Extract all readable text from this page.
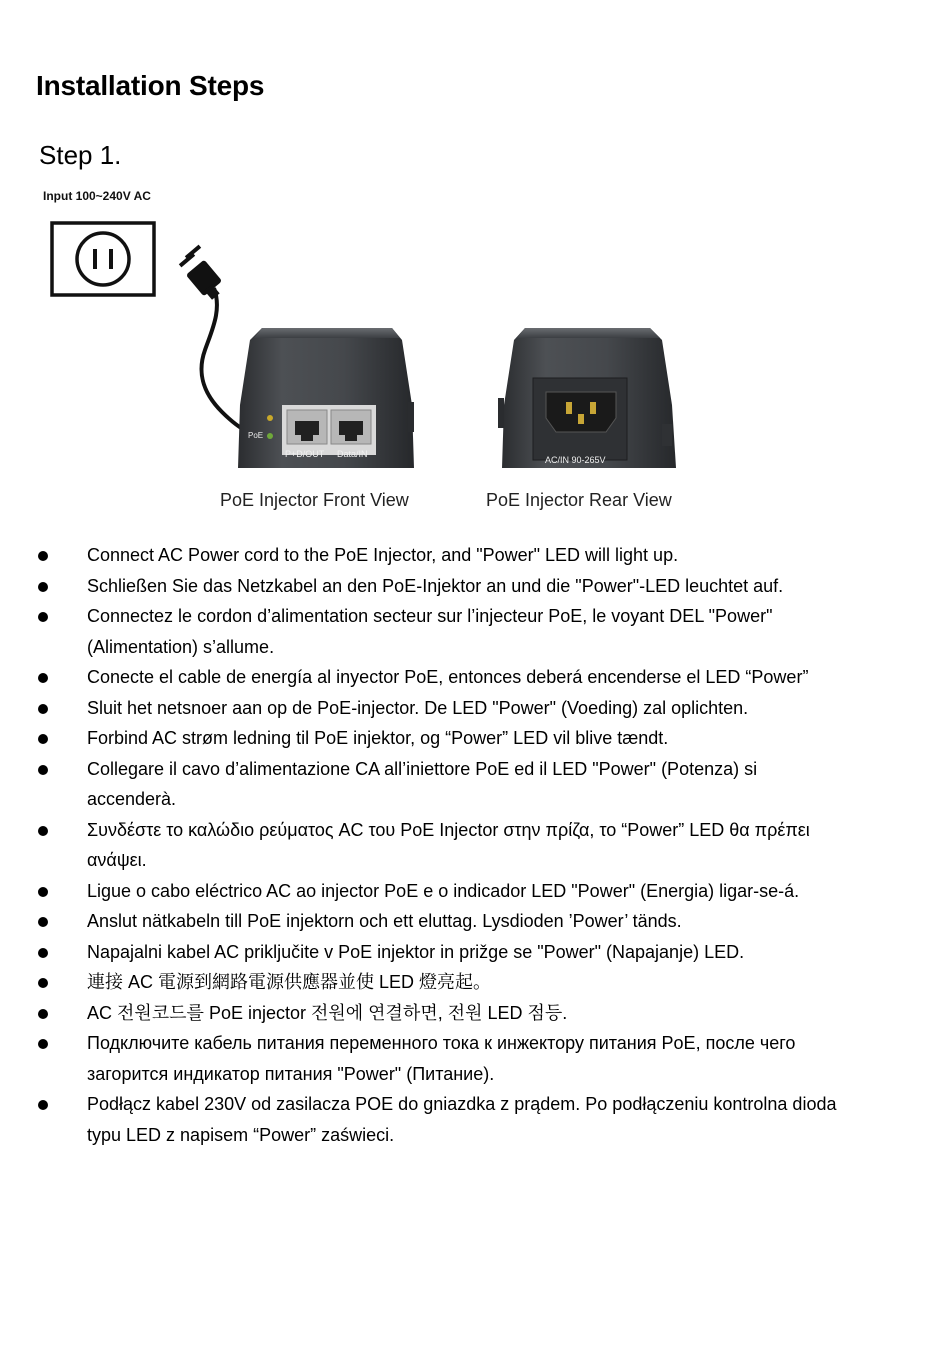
Installation Steps
Step 1.
Input 100~240V AC
PoE
P+D/OUT Data/IN
PoE Injector Front View
AC/IN 90-265V
PoE Injector Rear View
Connect AC Power cord to the PoE Injector, and "Power" LED will light up.
Schließen Sie das Netzkabel an den PoE-Injektor an und die "Power"-LED leuchtet auf.
Connectez le cordon d’alimentation secteur sur l’injecteur PoE, le voyant DEL "Power" (Alimentation) s’allume.
Conecte el cable de energía al inyector PoE, entonces deberá encenderse el LED “Power”
Sluit het netsnoer aan op de PoE-injector. De LED "Power" (Voeding) zal oplichten.
Forbind AC strøm ledning til PoE injektor, og “Power” LED vil blive tændt.
Collegare il cavo d’alimentazione CA all’iniettore PoE ed il LED "Power" (Potenza) si accenderà.
Συνδέστε το καλώδιο ρεύματος AC του PoE Injector στην πρίζα, το “Power” LED θα πρέπει ανάψει.
Ligue o cabo eléctrico AC ao injector PoE e o indicador LED "Power" (Energia) ligar-se-á.
Anslut nätkabeln till PoE injektorn och ett eluttag. Lysdioden ’Power’ tänds.
Napajalni kabel AC priključite v PoE injektor in prižge se "Power" (Napajanje) LED.
連接 AC 電源到網路電源供應器並使 LED 燈亮起。
AC 전원코드를 PoE injector 전원에 연결하면, 전원 LED 점등.
Подключите кабель питания переменного тока к инжектору питания PoE, после чего загорится индикатор питания "Power" (Питание).
Podłącz kabel 230V od zasilacza POE do gniazdka z prądem. Po podłączeniu kontrolna dioda typu LED z napisem “Power” zaświeci.
